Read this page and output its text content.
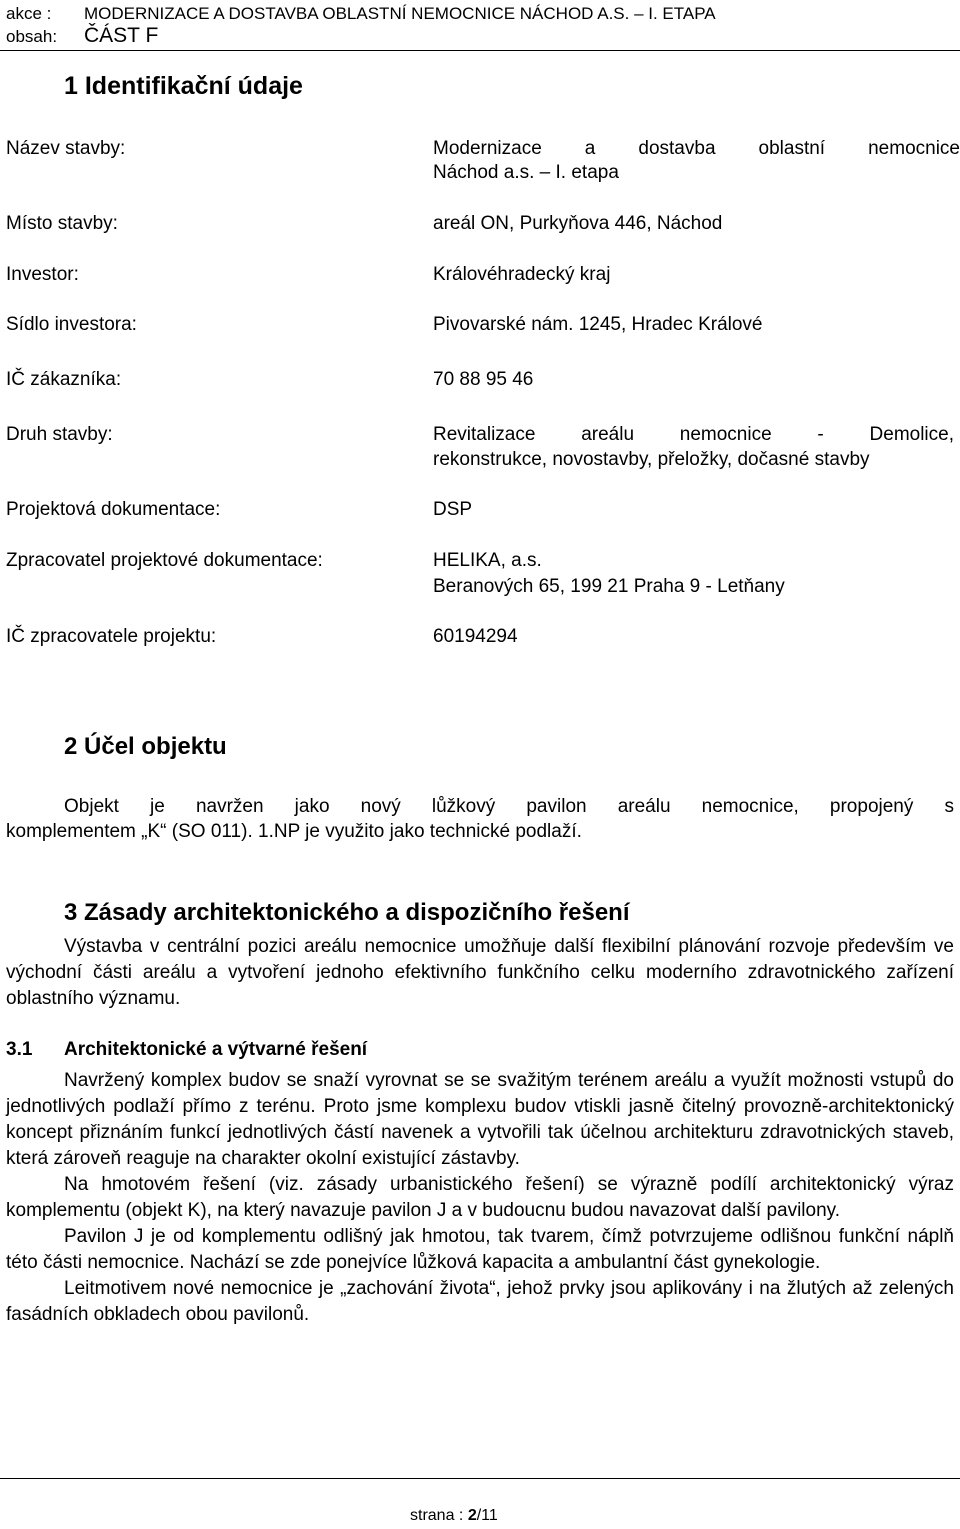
akce : MODERNIZACE A DOSTAVBA OBLASTNÍ NEMOCNICE NÁCHOD A.S. – I. ETAPA
obsah: ČÁST F
1 Identifikační údaje
Název stavby:	Modernizace a dostavba oblastní nemocnice
Náchod a.s. – I. etapa
Místo stavby:	areál ON, Purkyňova 446, Náchod
Investor:	Královéhradecký kraj
Sídlo investora:	Pivovarské nám. 1245, Hradec Králové
IČ zákazníka:	70 88 95 46
Druh stavby:	Revitalizace areálu nemocnice - Demolice,
rekonstrukce, novostavby, přeložky, dočasné stavby
Projektová dokumentace:	DSP
Zpracovatel projektové dokumentace:	HELIKA, a.s.
Beranových 65, 199 21 Praha 9 - Letňany
IČ zpracovatele projektu:	60194294
2 Účel objektu
Objekt je navržen jako nový lůžkový pavilon areálu nemocnice, propojený s
komplementem „K“ (SO 011). 1.NP je využito jako technické podlaží.
3 Zásady architektonického a dispozičního řešení

Výstavba v centrální pozici areálu nemocnice umožňuje další flexibilní plánování rozvoje především ve východní části areálu a vytvoření jednoho efektivního funkčního celku moderního zdravotnického zařízení oblastního významu.

3.1 Architektonické a výtvarné řešení

Navržený komplex budov se snaží vyrovnat se se svažitým terénem areálu a využít možnosti vstupů do jednotlivých podlaží přímo z terénu. Proto jsme komplexu budov vtiskli jasně čitelný provozně-architektonický koncept přiznáním funkcí jednotlivých částí navenek a vytvořili tak účelnou architekturu zdravotnických staveb, která zároveň reaguje na charakter okolní existující zástavby.

Na hmotovém řešení (viz. zásady urbanistického řešení) se výrazně podílí architektonický výraz komplementu (objekt K), na který navazuje pavilon J a v budoucnu budou navazovat další pavilony.

Pavilon J je od komplementu odlišný jak hmotou, tak tvarem, čímž potvrzujeme odlišnou funkční náplň této části nemocnice. Nachází se zde ponejvíce lůžková kapacita a ambulantní část gynekologie.

Leitmotivem nové nemocnice je „zachování života“, jehož prvky jsou aplikovány i na žlutých až zelených fasádních obkladech obou pavilonů.

strana : 2/11
